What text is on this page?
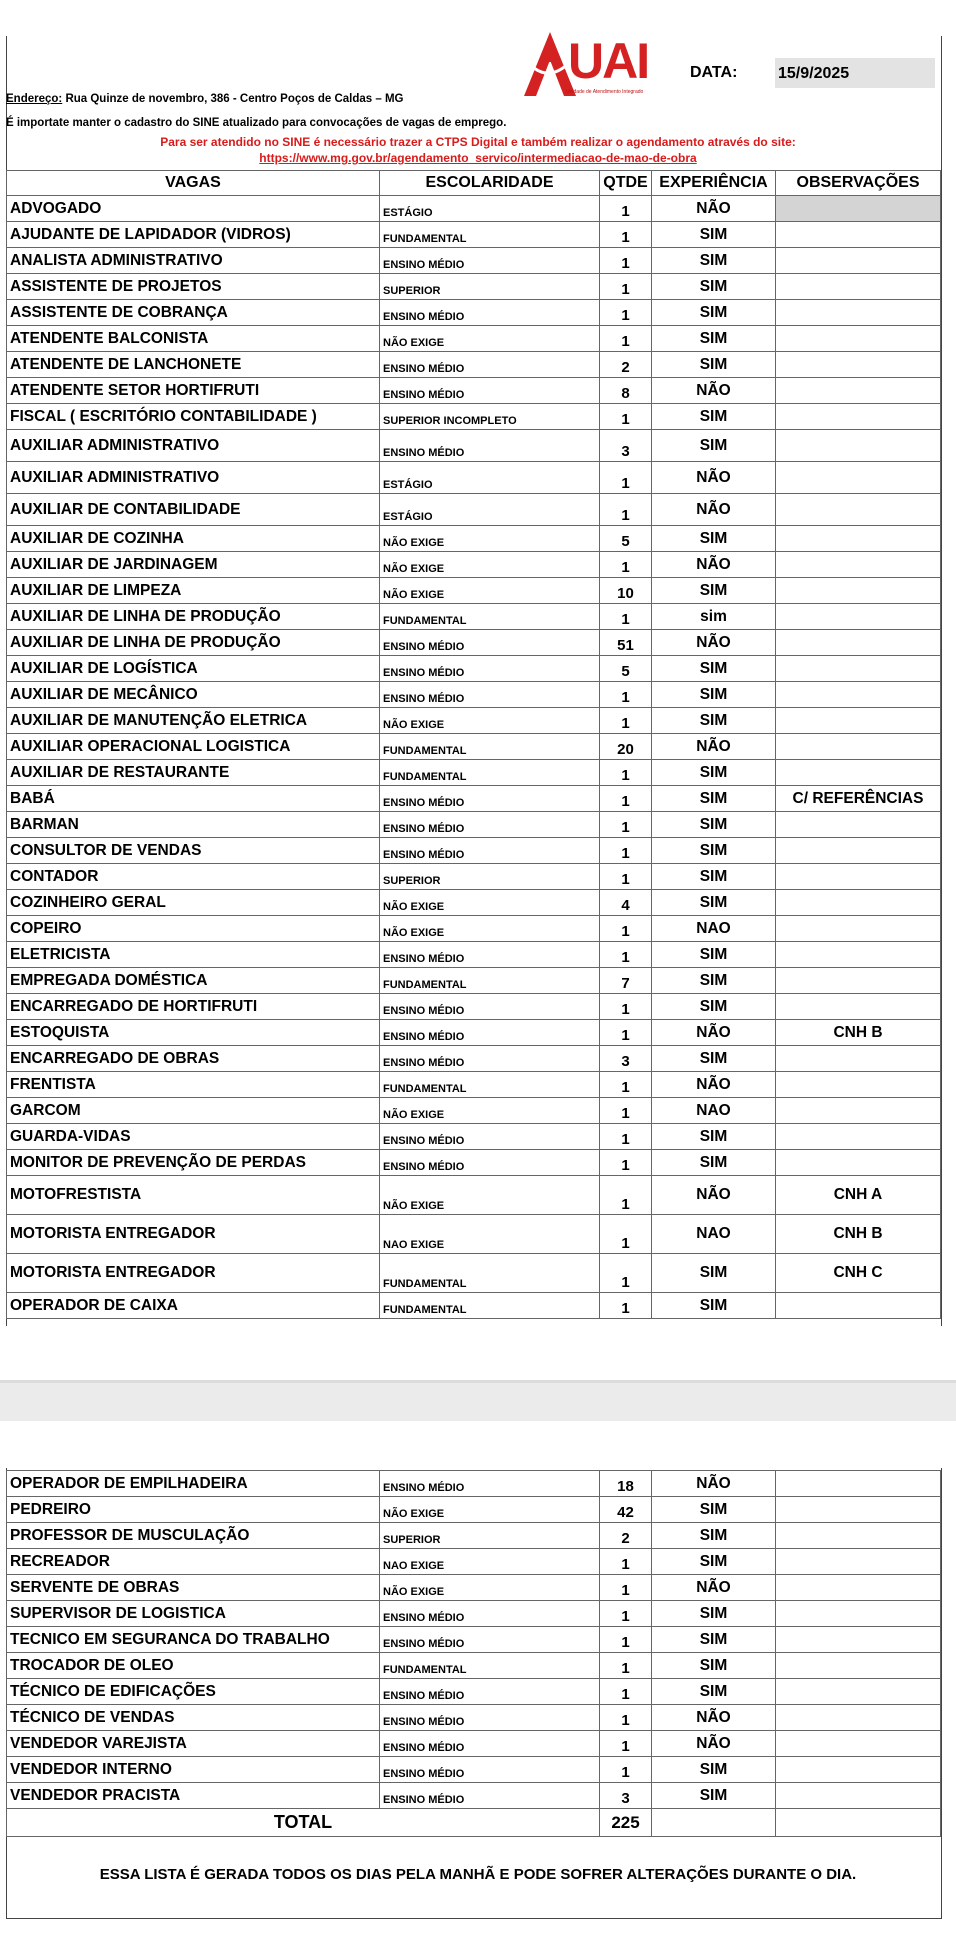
UAI
Unidade de Atendimento Integrado
DATA:	15/9/2025
Endereço: Rua Quinze de novembro, 386 - Centro Poços de Caldas – MG
É importate manter o cadastro do SINE atualizado para convocações de vagas de emprego.
Para ser atendido no SINE é necessário trazer a CTPS Digital e também realizar o agendamento através do site:
https://www.mg.gov.br/agendamento_servico/intermediacao-de-mao-de-obra
VAGAS	ESCOLARIDADE	QTDE	EXPERIÊNCIA	OBSERVAÇÕES
ADVOGADO	ESTÁGIO	1	NÃO	
AJUDANTE DE LAPIDADOR (VIDROS)	FUNDAMENTAL	1	SIM	
ANALISTA ADMINISTRATIVO	ENSINO MÉDIO	1	SIM	
ASSISTENTE DE PROJETOS	SUPERIOR	1	SIM	
ASSISTENTE DE COBRANÇA	ENSINO MÉDIO	1	SIM	
ATENDENTE BALCONISTA	NÃO EXIGE	1	SIM	
ATENDENTE DE LANCHONETE	ENSINO MÉDIO	2	SIM	
ATENDENTE SETOR HORTIFRUTI	ENSINO MÉDIO	8	NÃO	
FISCAL ( ESCRITÓRIO CONTABILIDADE )	SUPERIOR INCOMPLETO	1	SIM	
AUXILIAR ADMINISTRATIVO	ENSINO MÉDIO	3	SIM	
AUXILIAR ADMINISTRATIVO	ESTÁGIO	1	NÃO	
AUXILIAR DE CONTABILIDADE	ESTÁGIO	1	NÃO	
AUXILIAR DE COZINHA	NÃO EXIGE	5	SIM	
AUXILIAR DE JARDINAGEM	NÃO EXIGE	1	NÃO	
AUXILIAR DE LIMPEZA	NÃO EXIGE	10	SIM	
AUXILIAR DE LINHA DE PRODUÇÃO	FUNDAMENTAL	1	sim	
AUXILIAR DE LINHA DE PRODUÇÃO	ENSINO MÉDIO	51	NÃO	
AUXILIAR DE LOGÍSTICA	ENSINO MÉDIO	5	SIM	
AUXILIAR DE MECÂNICO	ENSINO MÉDIO	1	SIM	
AUXILIAR DE MANUTENÇÃO ELETRICA	NÃO EXIGE	1	SIM	
AUXILIAR OPERACIONAL LOGISTICA	FUNDAMENTAL	20	NÃO	
AUXILIAR DE RESTAURANTE	FUNDAMENTAL	1	SIM	
BABÁ	ENSINO MÉDIO	1	SIM	C/ REFERÊNCIAS
BARMAN	ENSINO MÉDIO	1	SIM	
CONSULTOR DE VENDAS	ENSINO MÉDIO	1	SIM	
CONTADOR	SUPERIOR	1	SIM	
COZINHEIRO GERAL	NÃO EXIGE	4	SIM	
COPEIRO	NÃO EXIGE	1	NAO	
ELETRICISTA	ENSINO MÉDIO	1	SIM	
EMPREGADA DOMÉSTICA	FUNDAMENTAL	7	SIM	
ENCARREGADO DE HORTIFRUTI	ENSINO MÉDIO	1	SIM	
ESTOQUISTA	ENSINO MÉDIO	1	NÃO	CNH B
ENCARREGADO DE OBRAS	ENSINO MÉDIO	3	SIM	
FRENTISTA	FUNDAMENTAL	1	NÃO	
GARCOM	NÃO EXIGE	1	NAO	
GUARDA-VIDAS	ENSINO MÉDIO	1	SIM	
MONITOR DE PREVENÇÃO DE PERDAS	ENSINO MÉDIO	1	SIM	
MOTOFRESTISTA	NÃO EXIGE	1	NÃO	CNH A
MOTORISTA ENTREGADOR	NAO EXIGE	1	NAO	CNH B
MOTORISTA ENTREGADOR	FUNDAMENTAL	1	SIM	CNH C
OPERADOR DE CAIXA	FUNDAMENTAL	1	SIM	
OPERADOR DE EMPILHADEIRA	ENSINO MÉDIO	18	NÃO	
PEDREIRO	NÃO EXIGE	42	SIM	
PROFESSOR DE MUSCULAÇÃO	SUPERIOR	2	SIM	
RECREADOR	NAO EXIGE	1	SIM	
SERVENTE DE OBRAS	NÃO EXIGE	1	NÃO	
SUPERVISOR DE LOGISTICA	ENSINO MÉDIO	1	SIM	
TECNICO EM SEGURANCA DO TRABALHO	ENSINO MÉDIO	1	SIM	
TROCADOR DE OLEO	FUNDAMENTAL	1	SIM	
TÉCNICO DE EDIFICAÇÕES	ENSINO MÉDIO	1	SIM	
TÉCNICO DE VENDAS	ENSINO MÉDIO	1	NÃO	
VENDEDOR VAREJISTA	ENSINO MÉDIO	1	NÃO	
VENDEDOR INTERNO	ENSINO MÉDIO	1	SIM	
VENDEDOR PRACISTA	ENSINO MÉDIO	3	SIM	
TOTAL		225		
ESSA LISTA É GERADA TODOS OS DIAS PELA MANHÃ E PODE SOFRER ALTERAÇÕES DURANTE O DIA.
